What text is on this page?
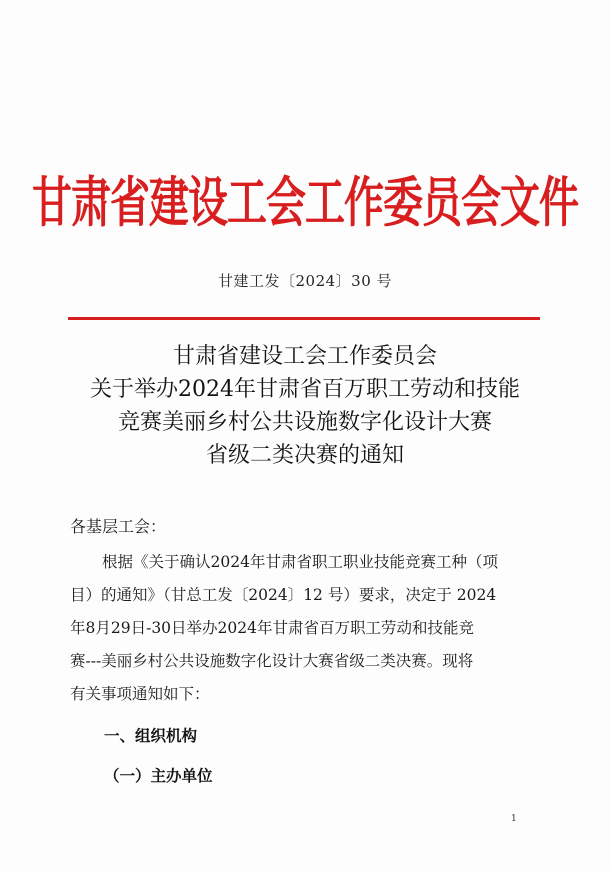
甘肃省建设工会工作委员会文件
甘建工发〔2024〕30 号
甘肃省建设工会工作委员会
关于举办2024年甘肃省百万职工劳动和技能
竞赛美丽乡村公共设施数字化设计大赛
省级二类决赛的通知
各基层工会：
根据《关于确认2024年甘肃省职工职业技能竞赛工种（项
目）的通知》（甘总工发〔2024〕12 号）要求，决定于 2024
年8月29日-30日举办2024年甘肃省百万职工劳动和技能竞
赛---美丽乡村公共设施数字化设计大赛省级二类决赛。现将
有关事项通知如下：
一、组织机构
（一）主办单位
1
